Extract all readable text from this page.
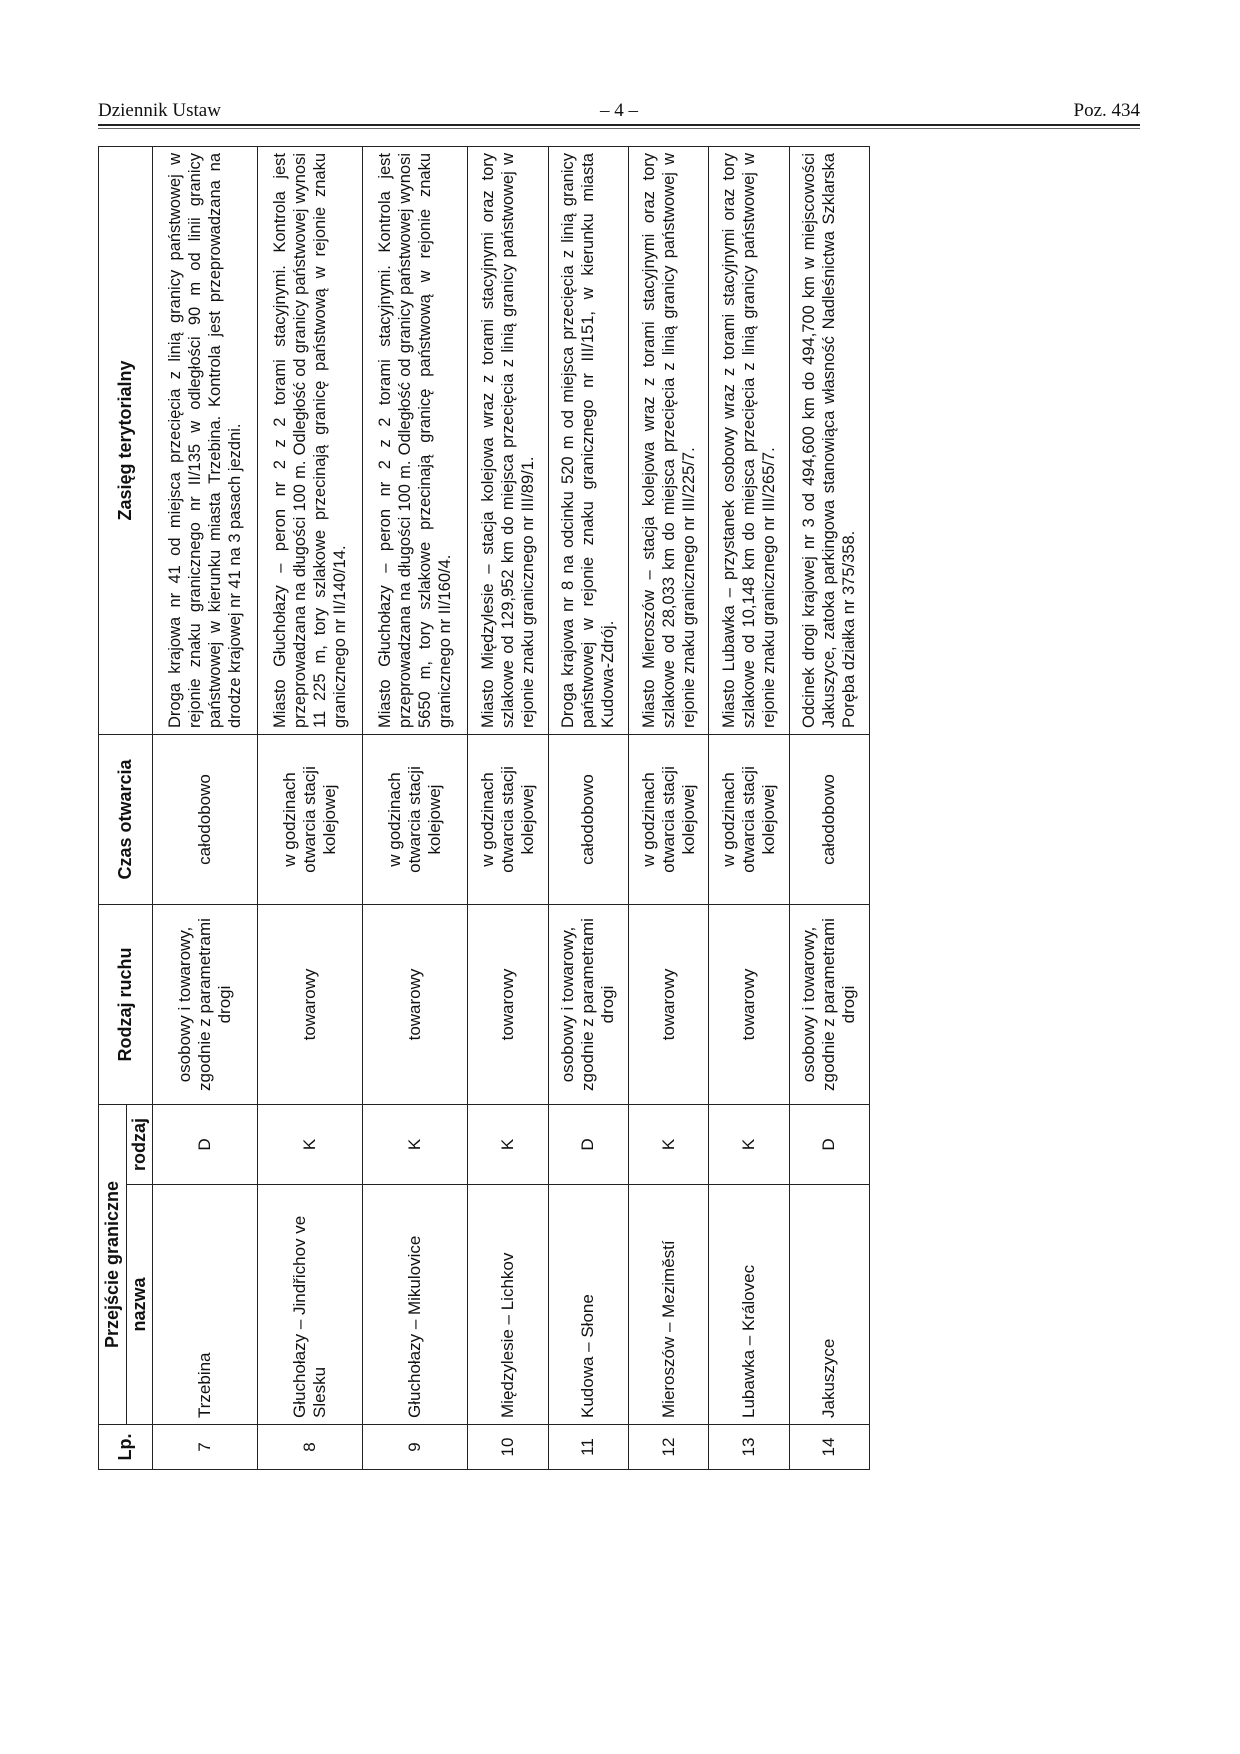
Dziennik Ustaw	– 4 –	Poz. 434
Lp.	Przejście graniczne		Rodzaj ruchu	Czas otwarcia	Zasięg terytorialny
	nazwa	rodzaj			
7	Trzebina	D	osobowy i towarowy, zgodnie z parametrami drogi	całodobowo	Droga krajowa nr 41 od miejsca przecięcia z linią granicy państwowej w rejonie znaku granicznego nr II/135 w odległości 90 m od linii granicy państwowej w kierunku miasta Trzebina. Kontrola jest przeprowadzana na drodze krajowej nr 41 na 3 pasach jezdni.
8	Głuchołazy – Jindřichov ve Slesku	K	towarowy	w godzinach otwarcia stacji kolejowej	Miasto Głuchołazy – peron nr 2 z 2 torami stacyjnymi. Kontrola jest przeprowadzana na długości 100 m. Odległość od granicy państwowej wynosi 11 225 m, tory szlakowe przecinają granicę państwową w rejonie znaku granicznego nr II/140/14.
9	Głuchołazy – Mikulovice	K	towarowy	w godzinach otwarcia stacji kolejowej	Miasto Głuchołazy – peron nr 2 z 2 torami stacyjnymi. Kontrola jest przeprowadzana na długości 100 m. Odległość od granicy państwowej wynosi 5650 m, tory szlakowe przecinają granicę państwową w rejonie znaku granicznego nr II/160/4.
10	Międzylesie – Lichkov	K	towarowy	w godzinach otwarcia stacji kolejowej	Miasto Międzylesie – stacja kolejowa wraz z torami stacyjnymi oraz tory szlakowe od 129,952 km do miejsca przecięcia z linią granicy państwowej w rejonie znaku granicznego nr III/89/1.
11	Kudowa – Słone	D	osobowy i towarowy, zgodnie z parametrami drogi	całodobowo	Droga krajowa nr 8 na odcinku 520 m od miejsca przecięcia z linią granicy państwowej w rejonie znaku granicznego nr III/151, w kierunku miasta Kudowa-Zdrój.
12	Mieroszów – Meziměstí	K	towarowy	w godzinach otwarcia stacji kolejowej	Miasto Mieroszów – stacja kolejowa wraz z torami stacyjnymi oraz tory szlakowe od 28,033 km do miejsca przecięcia z linią granicy państwowej w rejonie znaku granicznego nr III/225/7.
13	Lubawka – Královec	K	towarowy	w godzinach otwarcia stacji kolejowej	Miasto Lubawka – przystanek osobowy wraz z torami stacyjnymi oraz tory szlakowe od 10,148 km do miejsca przecięcia z linią granicy państwowej w rejonie znaku granicznego nr III/265/7.
14	Jakuszyce	D	osobowy i towarowy, zgodnie z parametrami drogi	całodobowo	Odcinek drogi krajowej nr 3 od 494,600 km do 494,700 km w miejscowości Jakuszyce, zatoka parkingowa stanowiąca własność Nadleśnictwa Szklarska Poręba działka nr 375/358.
